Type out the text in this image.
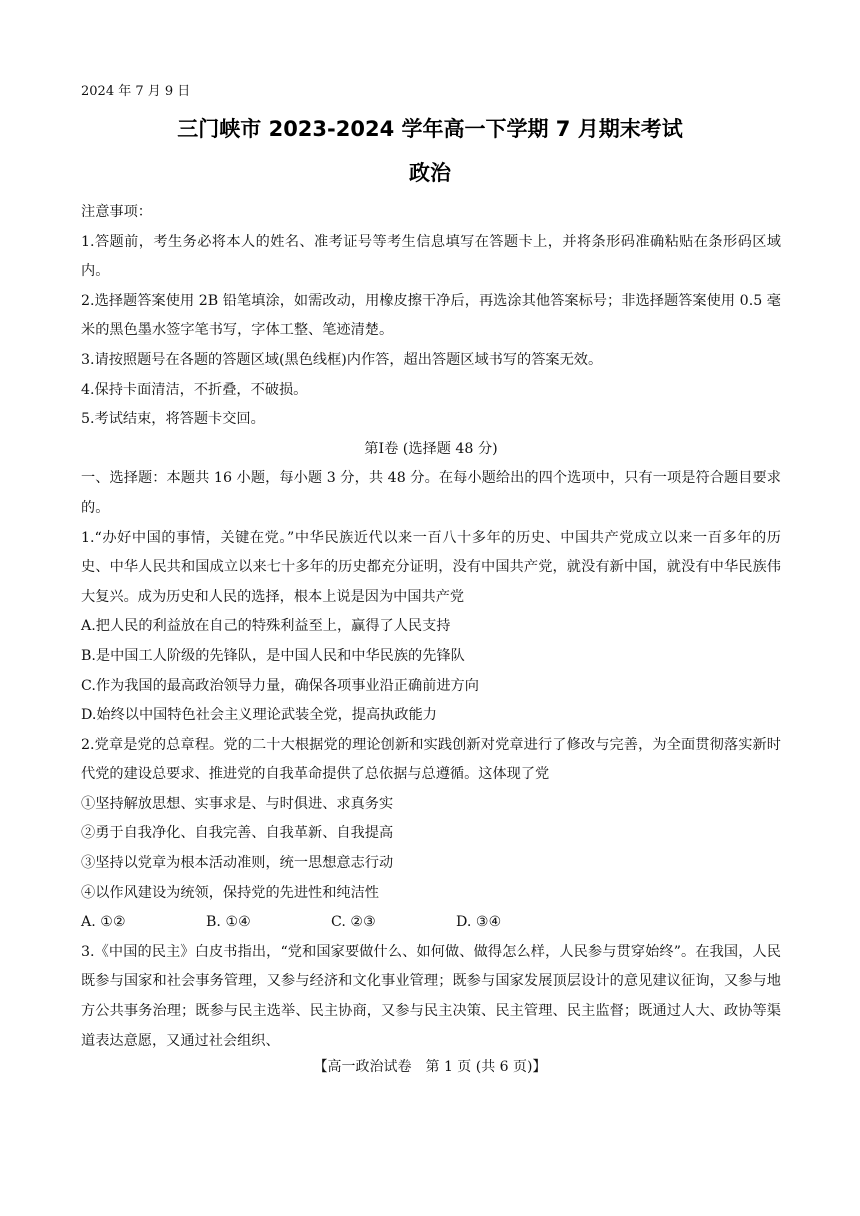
2024 年 7 月 9 日
三门峡市 2023-2024 学年高一下学期 7 月期末考试
政治

注意事项：

1.答题前，考生务必将本人的姓名、准考证号等考生信息填写在答题卡上，并将条形码准确粘贴在条形码区域内。

2.选择题答案使用 2B 铅笔填涂，如需改动，用橡皮擦干净后，再选涂其他答案标号；非选择题答案使用 0.5 毫米的黑色墨水签字笔书写，字体工整、笔迹清楚。

3.请按照题号在各题的答题区域(黑色线框)内作答，超出答题区域书写的答案无效。

4.保持卡面清洁，不折叠，不破损。

5.考试结束，将答题卡交回。

第Ⅰ卷 (选择题 48 分)

一、选择题：本题共 16 小题，每小题 3 分，共 48 分。在每小题给出的四个选项中，只有一项是符合题目要求的。

1.“办好中国的事情，关键在党。”中华民族近代以来一百八十多年的历史、中国共产党成立以来一百多年的历史、中华人民共和国成立以来七十多年的历史都充分证明，没有中国共产党，就没有新中国，就没有中华民族伟大复兴。成为历史和人民的选择，根本上说是因为中国共产党

A.把人民的利益放在自己的特殊利益至上，赢得了人民支持

B.是中国工人阶级的先锋队，是中国人民和中华民族的先锋队

C.作为我国的最高政治领导力量，确保各项事业沿正确前进方向

D.始终以中国特色社会主义理论武装全党，提高执政能力

2.党章是党的总章程。党的二十大根据党的理论创新和实践创新对党章进行了修改与完善，为全面贯彻落实新时代党的建设总要求、推进党的自我革命提供了总依据与总遵循。这体现了党

①坚持解放思想、实事求是、与时俱进、求真务实

②勇于自我净化、自我完善、自我革新、自我提高

③坚持以党章为根本活动准则，统一思想意志行动

④以作风建设为统领，保持党的先进性和纯洁性

A. ①②	B. ①④	C. ②③	D. ③④

3.《中国的民主》白皮书指出，“党和国家要做什么、如何做、做得怎么样，人民参与贯穿始终”。在我国，人民既参与国家和社会事务管理，又参与经济和文化事业管理；既参与国家发展顶层设计的意见建议征询，又参与地方公共事务治理；既参与民主选举、民主协商，又参与民主决策、民主管理、民主监督；既通过人大、政协等渠道表达意愿，又通过社会组织、

【高一政治试卷　第 1 页 (共 6 页)】
